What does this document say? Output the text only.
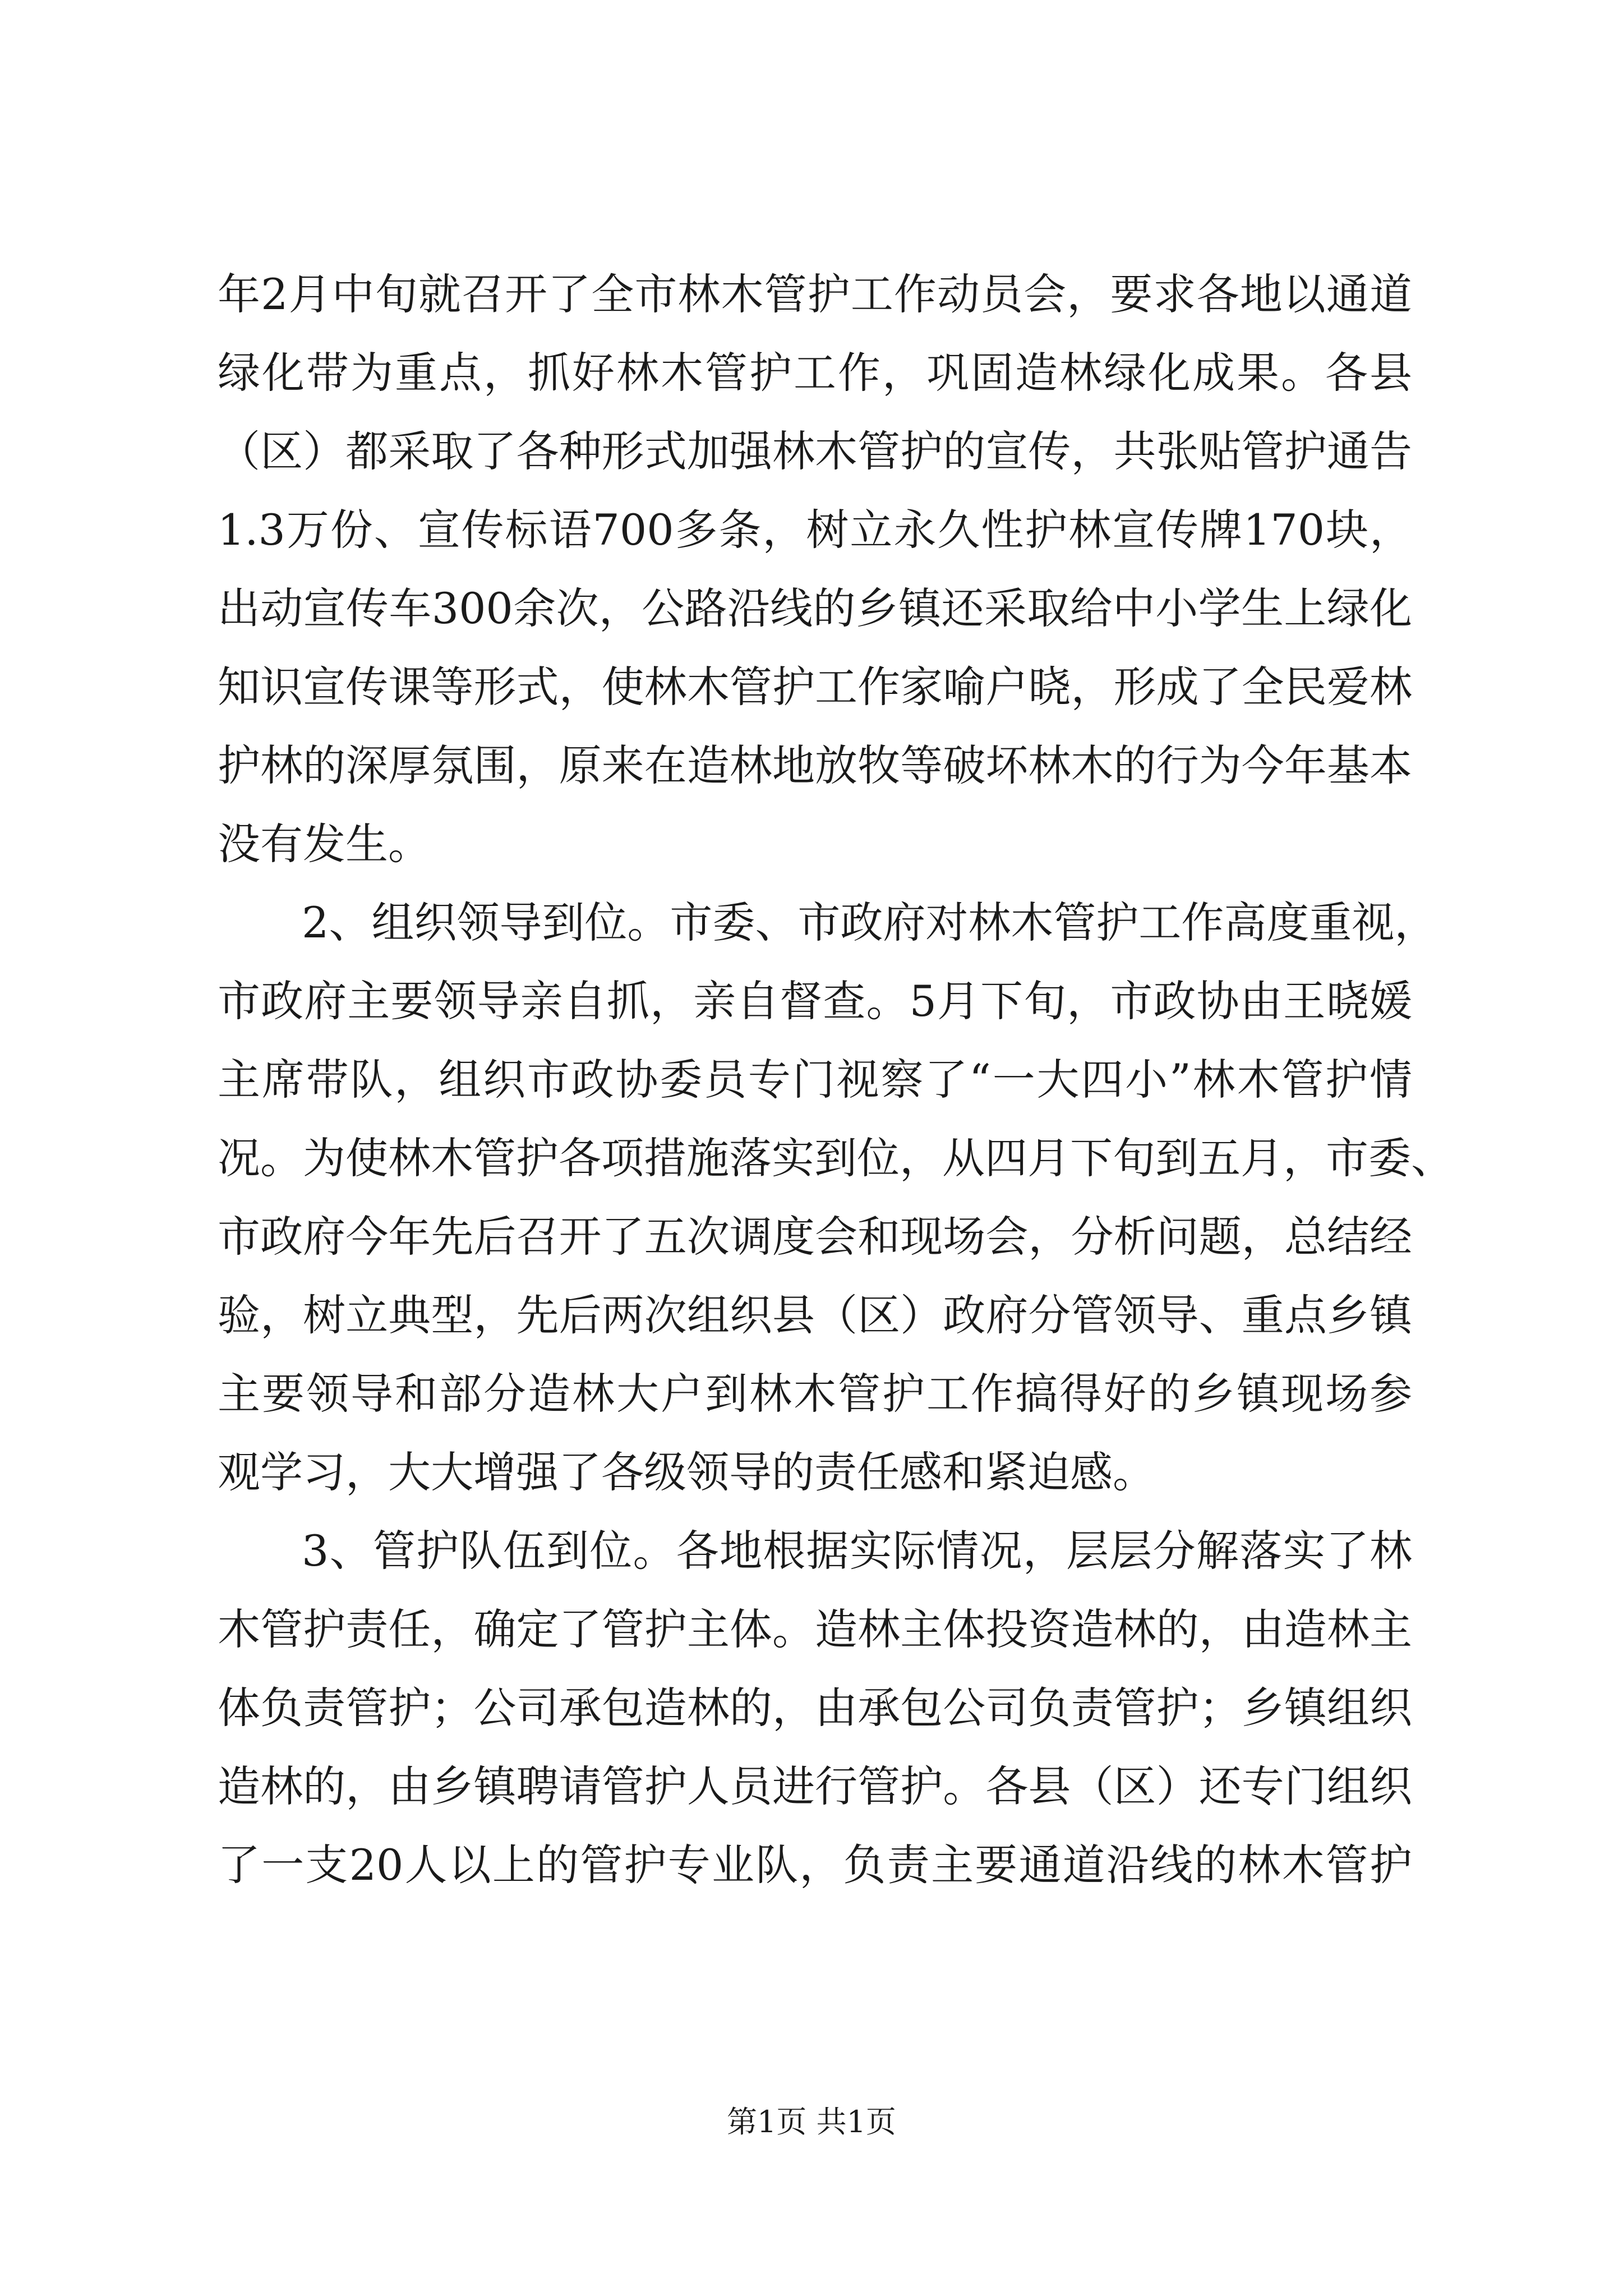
年2月中旬就召开了全市林木管护工作动员会，要求各地以通道
绿化带为重点，抓好林木管护工作，巩固造林绿化成果。各县
（区）都采取了各种形式加强林木管护的宣传，共张贴管护通告
1.3万份、宣传标语700多条，树立永久性护林宣传牌170块，
出动宣传车300余次，公路沿线的乡镇还采取给中小学生上绿化
知识宣传课等形式，使林木管护工作家喻户晓，形成了全民爱林
护林的深厚氛围，原来在造林地放牧等破坏林木的行为今年基本
没有发生。
2、组织领导到位。市委、市政府对林木管护工作高度重视，
市政府主要领导亲自抓，亲自督查。5月下旬，市政协由王晓媛
主席带队，组织市政协委员专门视察了“一大四小”林木管护情
况。为使林木管护各项措施落实到位，从四月下旬到五月，市委、
市政府今年先后召开了五次调度会和现场会，分析问题，总结经
验，树立典型，先后两次组织县（区）政府分管领导、重点乡镇
主要领导和部分造林大户到林木管护工作搞得好的乡镇现场参
观学习，大大增强了各级领导的责任感和紧迫感。
3、管护队伍到位。各地根据实际情况，层层分解落实了林
木管护责任，确定了管护主体。造林主体投资造林的，由造林主
体负责管护；公司承包造林的，由承包公司负责管护；乡镇组织
造林的，由乡镇聘请管护人员进行管护。各县（区）还专门组织
了一支20人以上的管护专业队，负责主要通道沿线的林木管护
第1页 共1页
